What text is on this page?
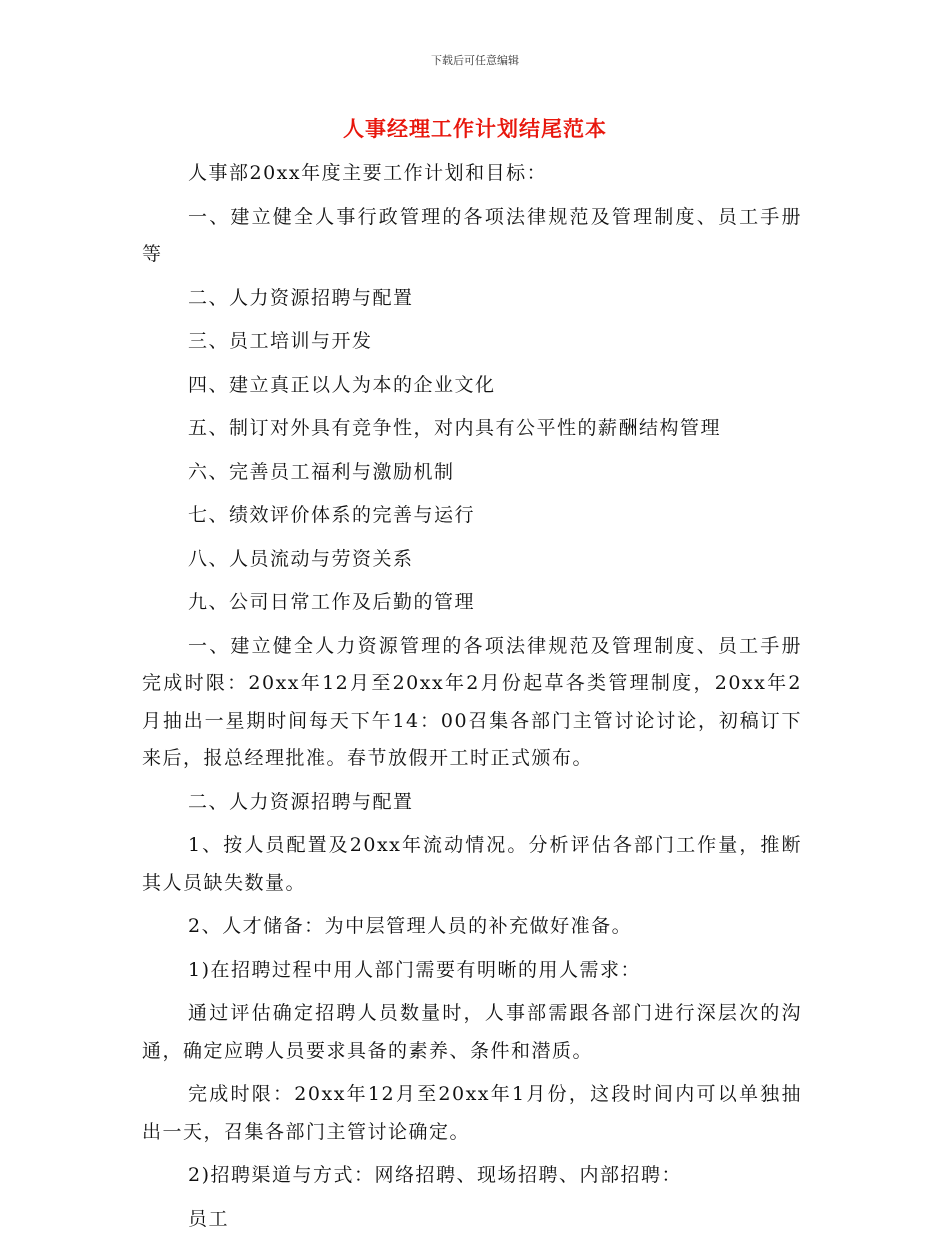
下载后可任意编辑
人事经理工作计划结尾范本

人事部20xx年度主要工作计划和目标：

一、建立健全人事行政管理的各项法律规范及管理制度、员工手册等

二、人力资源招聘与配置

三、员工培训与开发

四、建立真正以人为本的企业文化

五、制订对外具有竞争性，对内具有公平性的薪酬结构管理

六、完善员工福利与激励机制

七、绩效评价体系的完善与运行

八、人员流动与劳资关系

九、公司日常工作及后勤的管理

一、建立健全人力资源管理的各项法律规范及管理制度、员工手册完成时限：20xx年12月至20xx年2月份起草各类管理制度，20xx年2月抽出一星期时间每天下午14：00召集各部门主管讨论讨论，初稿订下来后，报总经理批准。春节放假开工时正式颁布。

二、人力资源招聘与配置

1、按人员配置及20xx年流动情况。分析评估各部门工作量，推断其人员缺失数量。

2、人才储备：为中层管理人员的补充做好准备。

1)在招聘过程中用人部门需要有明晰的用人需求：

通过评估确定招聘人员数量时，人事部需跟各部门进行深层次的沟通，确定应聘人员要求具备的素养、条件和潜质。

完成时限：20xx年12月至20xx年1月份，这段时间内可以单独抽出一天，召集各部门主管讨论确定。

2)招聘渠道与方式：网络招聘、现场招聘、内部招聘：

员工
